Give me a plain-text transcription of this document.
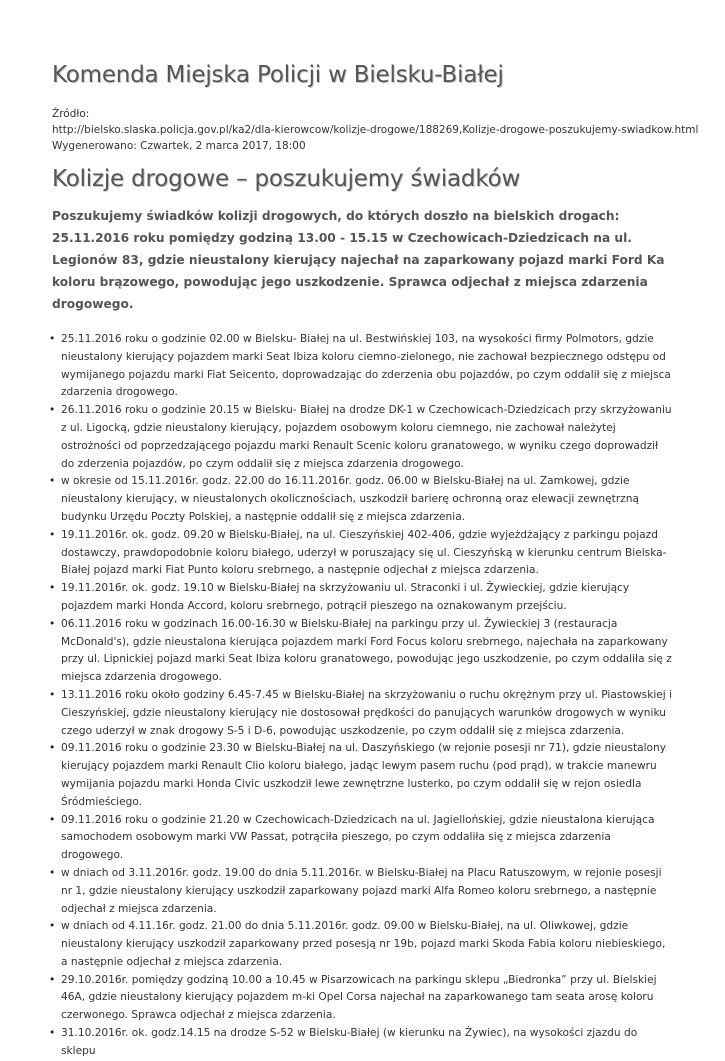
Komenda Miejska Policji w Bielsku-Białej
Źródło:
http://bielsko.slaska.policja.gov.pl/ka2/dla-kierowcow/kolizje-drogowe/188269,Kolizje-drogowe-poszukujemy-swiadkow.html
Wygenerowano: Czwartek, 2 marca 2017, 18:00
Kolizje drogowe – poszukujemy świadków

Poszukujemy świadków kolizji drogowych, do których doszło na bielskich drogach: 25.11.2016 roku pomiędzy godziną 13.00 - 15.15 w Czechowicach-Dziedzicach na ul. Legionów 83, gdzie nieustalony kierujący najechał na zaparkowany pojazd marki Ford Ka koloru brązowego, powodując jego uszkodzenie. Sprawca odjechał z miejsca zdarzenia drogowego.

• 25.11.2016 roku o godzinie 02.00 w Bielsku- Białej na ul. Bestwińskiej 103, na wysokości firmy Polmotors, gdzie nieustalony kierujący pojazdem marki Seat Ibiza koloru ciemno-zielonego, nie zachował bezpiecznego odstępu od wymijanego pojazdu marki Fiat Seicento, doprowadzając do zderzenia obu pojazdów, po czym oddalił się z miejsca zdarzenia drogowego.
• 26.11.2016 roku o godzinie 20.15 w Bielsku- Białej na drodze DK-1 w Czechowicach-Dziedzicach przy skrzyżowaniu z ul. Ligocką, gdzie nieustalony kierujący, pojazdem osobowym koloru ciemnego, nie zachował należytej ostrożności od poprzedzającego pojazdu marki Renault Scenic koloru granatowego, w wyniku czego doprowadził do zderzenia pojazdów, po czym oddalił się z miejsca zdarzenia drogowego.
• w okresie od 15.11.2016r. godz. 22.00 do 16.11.2016r. godz. 06.00 w Bielsku-Białej na ul. Zamkowej, gdzie nieustalony kierujący, w nieustalonych okolicznościach, uszkodził barierę ochronną oraz elewacji zewnętrzną budynku Urzędu Poczty Polskiej, a następnie oddalił się z miejsca zdarzenia.
• 19.11.2016r. ok. godz. 09.20 w Bielsku-Białej, na ul. Cieszyńskiej 402-406, gdzie wyjeżdżający z parkingu pojazd dostawczy, prawdopodobnie koloru białego, uderzył w poruszający się ul. Cieszyńską w kierunku centrum Bielska-Białej pojazd marki Fiat Punto koloru srebrnego, a następnie odjechał z miejsca zdarzenia.
• 19.11.2016r. ok. godz. 19.10 w Bielsku-Białej na skrzyżowaniu ul. Straconki i ul. Żywieckiej, gdzie kierujący pojazdem marki Honda Accord, koloru srebrnego, potrącił pieszego na oznakowanym przejściu.
• 06.11.2016 roku w godzinach 16.00-16.30 w Bielsku-Białej na parkingu przy ul. Żywieckiej 3 (restauracja McDonald's), gdzie nieustalona kierująca pojazdem marki Ford Focus koloru srebrnego, najechała na zaparkowany przy ul. Lipnickiej pojazd marki Seat Ibiza koloru granatowego, powodując jego uszkodzenie, po czym oddaliła się z miejsca zdarzenia drogowego.
• 13.11.2016 roku około godziny 6.45-7.45 w Bielsku-Białej na skrzyżowaniu o ruchu okrężnym przy ul. Piastowskiej i Cieszyńskiej, gdzie nieustalony kierujący nie dostosował prędkości do panujących warunków drogowych w wyniku czego uderzył w znak drogowy S-5 i D-6, powodując uszkodzenie, po czym oddalił się z miejsca zdarzenia.
• 09.11.2016 roku o godzinie 23.30 w Bielsku-Białej na ul. Daszyńskiego (w rejonie posesji nr 71), gdzie nieustalony kierujący pojazdem marki Renault Clio koloru białego, jadąc lewym pasem ruchu (pod prąd), w trakcie manewru wymijania pojazdu marki Honda Civic uszkodził lewe zewnętrzne lusterko, po czym oddalił się w rejon osiedla Śródmieściego.
• 09.11.2016 roku o godzinie 21.20 w Czechowicach-Dziedzicach na ul. Jagiellońskiej, gdzie nieustalona kierująca samochodem osobowym marki VW Passat, potrąciła pieszego, po czym oddaliła się z miejsca zdarzenia drogowego.
• w dniach od 3.11.2016r. godz. 19.00 do dnia 5.11.2016r. w Bielsku-Białej na Placu Ratuszowym, w rejonie posesji nr 1, gdzie nieustalony kierujący uszkodził zaparkowany pojazd marki Alfa Romeo koloru srebrnego, a następnie odjechał z miejsca zdarzenia.
• w dniach od 4.11.16r. godz. 21.00 do dnia 5.11.2016r. godz. 09.00 w Bielsku-Białej, na ul. Oliwkowej, gdzie nieustalony kierujący uszkodził zaparkowany przed posesją nr 19b, pojazd marki Skoda Fabia koloru niebieskiego, a następnie odjechał z miejsca zdarzenia.
• 29.10.2016r. pomiędzy godziną 10.00 a 10.45 w Pisarzowicach na parkingu sklepu „Biedronka” przy ul. Bielskiej 46A, gdzie nieustalony kierujący pojazdem m-ki Opel Corsa najechał na zaparkowanego tam seata arosę koloru czerwonego. Sprawca odjechał z miejsca zdarzenia.
• 31.10.2016r. ok. godz.14.15 na drodze S-52 w Bielsku-Białej (w kierunku na Żywiec), na wysokości zjazdu do sklepu
